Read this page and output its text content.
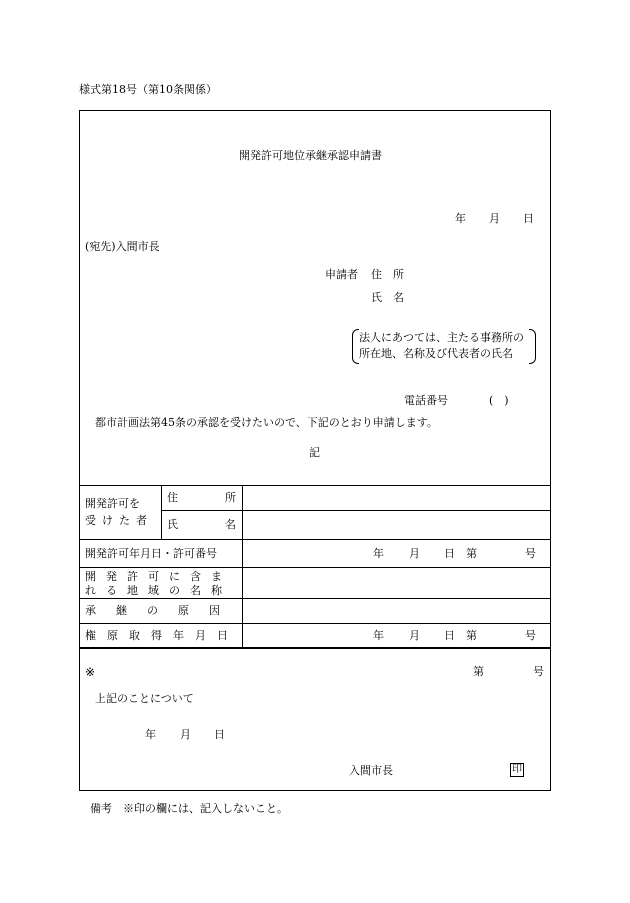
様式第18号（第10条関係）
開発許可地位承継承認申請書
年 月 日
(宛先)入間市長
申請者 住　所
氏　名
法人にあつては、主たる事務所の
所在地、名称及び代表者の氏名
電話番号	(　)
都市計画法第45条の承認を受けたいので、下記のとおり申請します。
記
開発許可を
受けた者
住所
氏名
開発許可年月日・許可番号	年 月 日 第	号
開発許可に含ま
れる地域の名称
承継の原因
権原取得年月日	年 月 日 第	号
※	第	号
上記のことについて
年 月 日
入間市長	印
備考　※印の欄には、記入しないこと。
